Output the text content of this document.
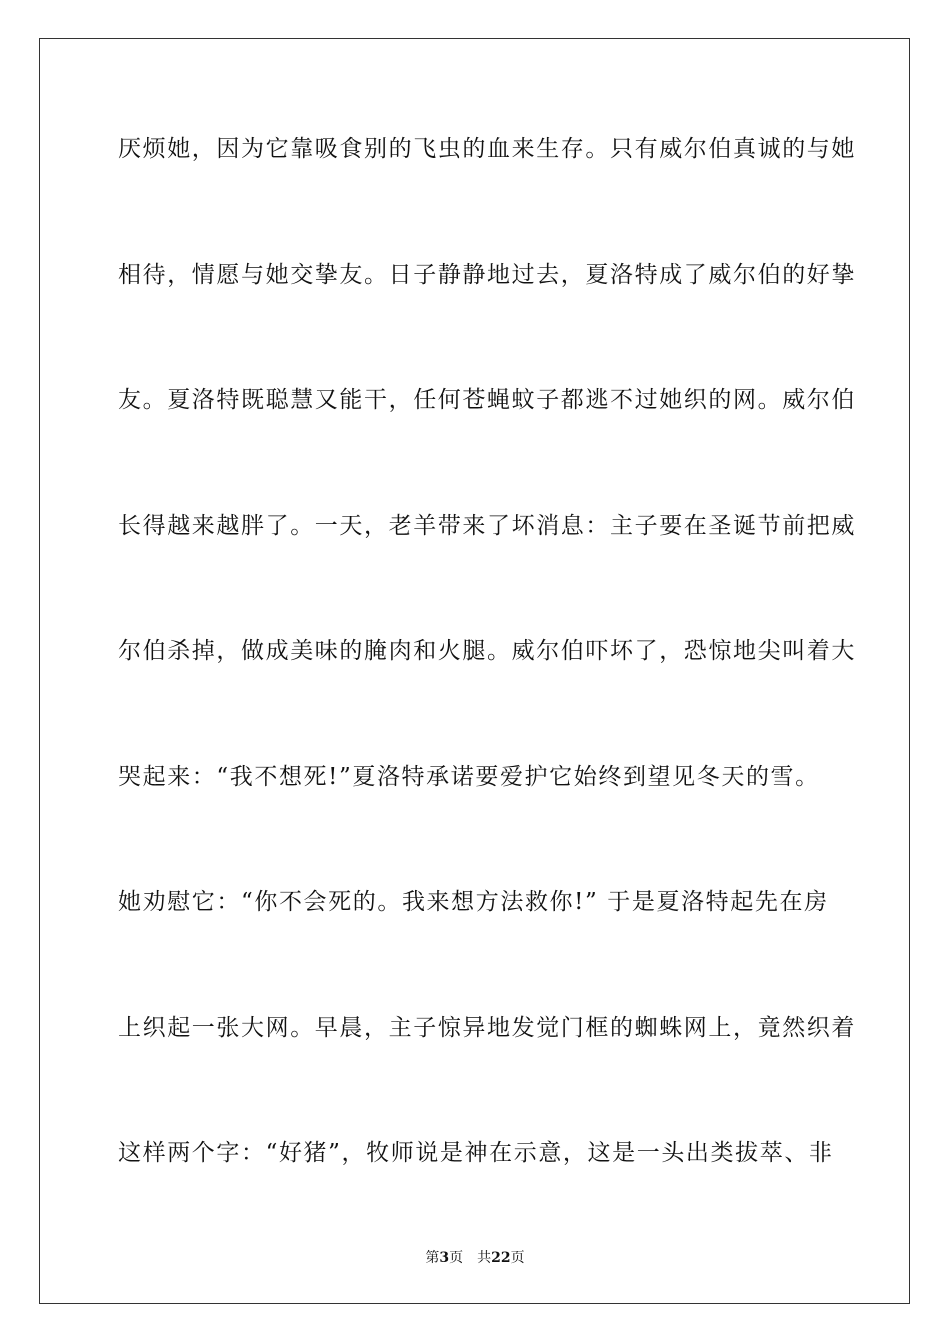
厌烦她，因为它靠吸食别的飞虫的血来生存。只有威尔伯真诚的与她
相待，情愿与她交挚友。日子静静地过去，夏洛特成了威尔伯的好挚
友。夏洛特既聪慧又能干，任何苍蝇蚊子都逃不过她织的网。威尔伯
长得越来越胖了。一天，老羊带来了坏消息：主子要在圣诞节前把威
尔伯杀掉，做成美味的腌肉和火腿。威尔伯吓坏了，恐惊地尖叫着大
哭起来：“我不想死!”夏洛特承诺要爱护它始终到望见冬天的雪。
她劝慰它：“你不会死的。我来想方法救你!” 于是夏洛特起先在房
上织起一张大网。早晨，主子惊异地发觉门框的蜘蛛网上，竟然织着
这样两个字：“好猪”，牧师说是神在示意，这是一头出类拔萃、非
第3页 共22页
